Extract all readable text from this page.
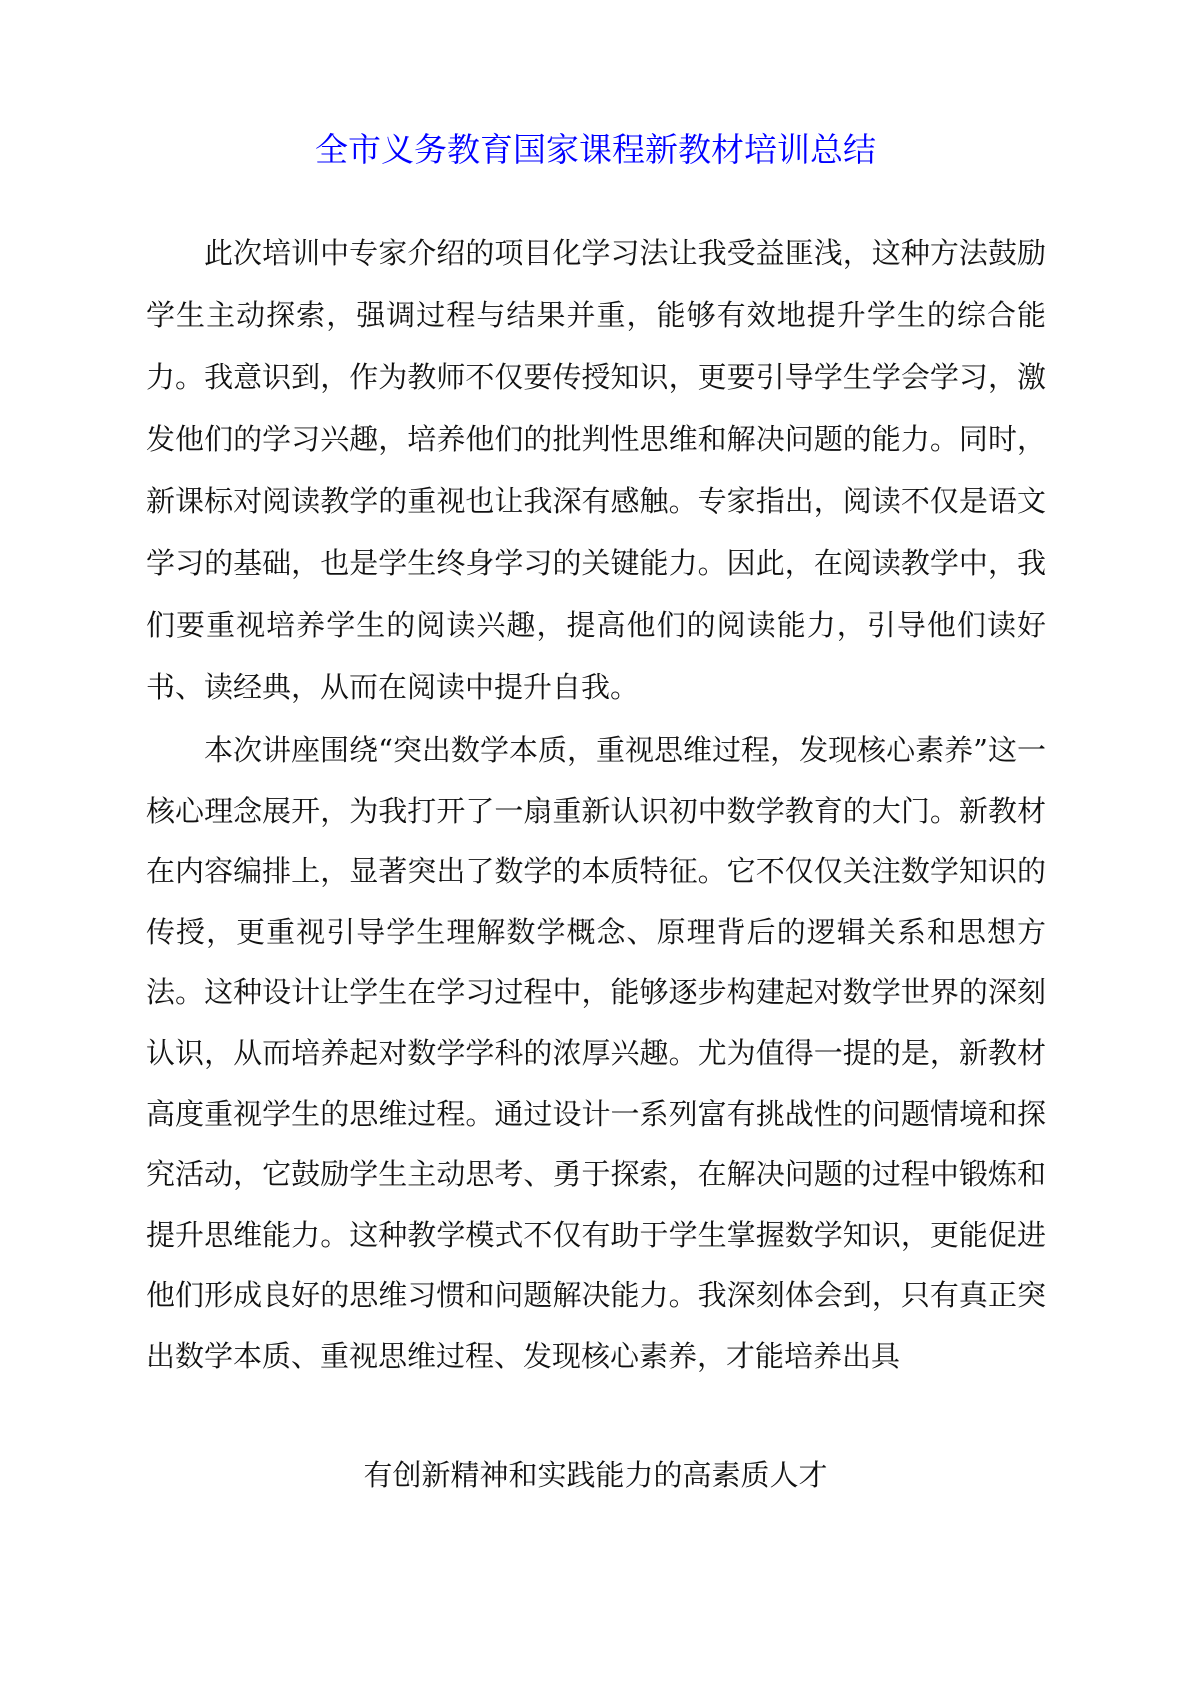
全市义务教育国家课程新教材培训总结

此次培训中专家介绍的项目化学习法让我受益匪浅，这种方法鼓励学生主动探索，强调过程与结果并重，能够有效地提升学生的综合能力。我意识到，作为教师不仅要传授知识，更要引导学生学会学习，激发他们的学习兴趣，培养他们的批判性思维和解决问题的能力。同时，新课标对阅读教学的重视也让我深有感触。专家指出，阅读不仅是语文学习的基础，也是学生终身学习的关键能力。因此，在阅读教学中，我们要重视培养学生的阅读兴趣，提高他们的阅读能力，引导他们读好书、读经典，从而在阅读中提升自我。

本次讲座围绕“突出数学本质，重视思维过程，发现核心素养”这一核心理念展开，为我打开了一扇重新认识初中数学教育的大门。新教材在内容编排上，显著突出了数学的本质特征。它不仅仅关注数学知识的传授，更重视引导学生理解数学概念、原理背后的逻辑关系和思想方法。这种设计让学生在学习过程中，能够逐步构建起对数学世界的深刻认识，从而培养起对数学学科的浓厚兴趣。尤为值得一提的是，新教材高度重视学生的思维过程。通过设计一系列富有挑战性的问题情境和探究活动，它鼓励学生主动思考、勇于探索，在解决问题的过程中锻炼和提升思维能力。这种教学模式不仅有助于学生掌握数学知识，更能促进他们形成良好的思维习惯和问题解决能力。我深刻体会到，只有真正突出数学本质、重视思维过程、发现核心素养，才能培养出具

有创新精神和实践能力的高素质人才
